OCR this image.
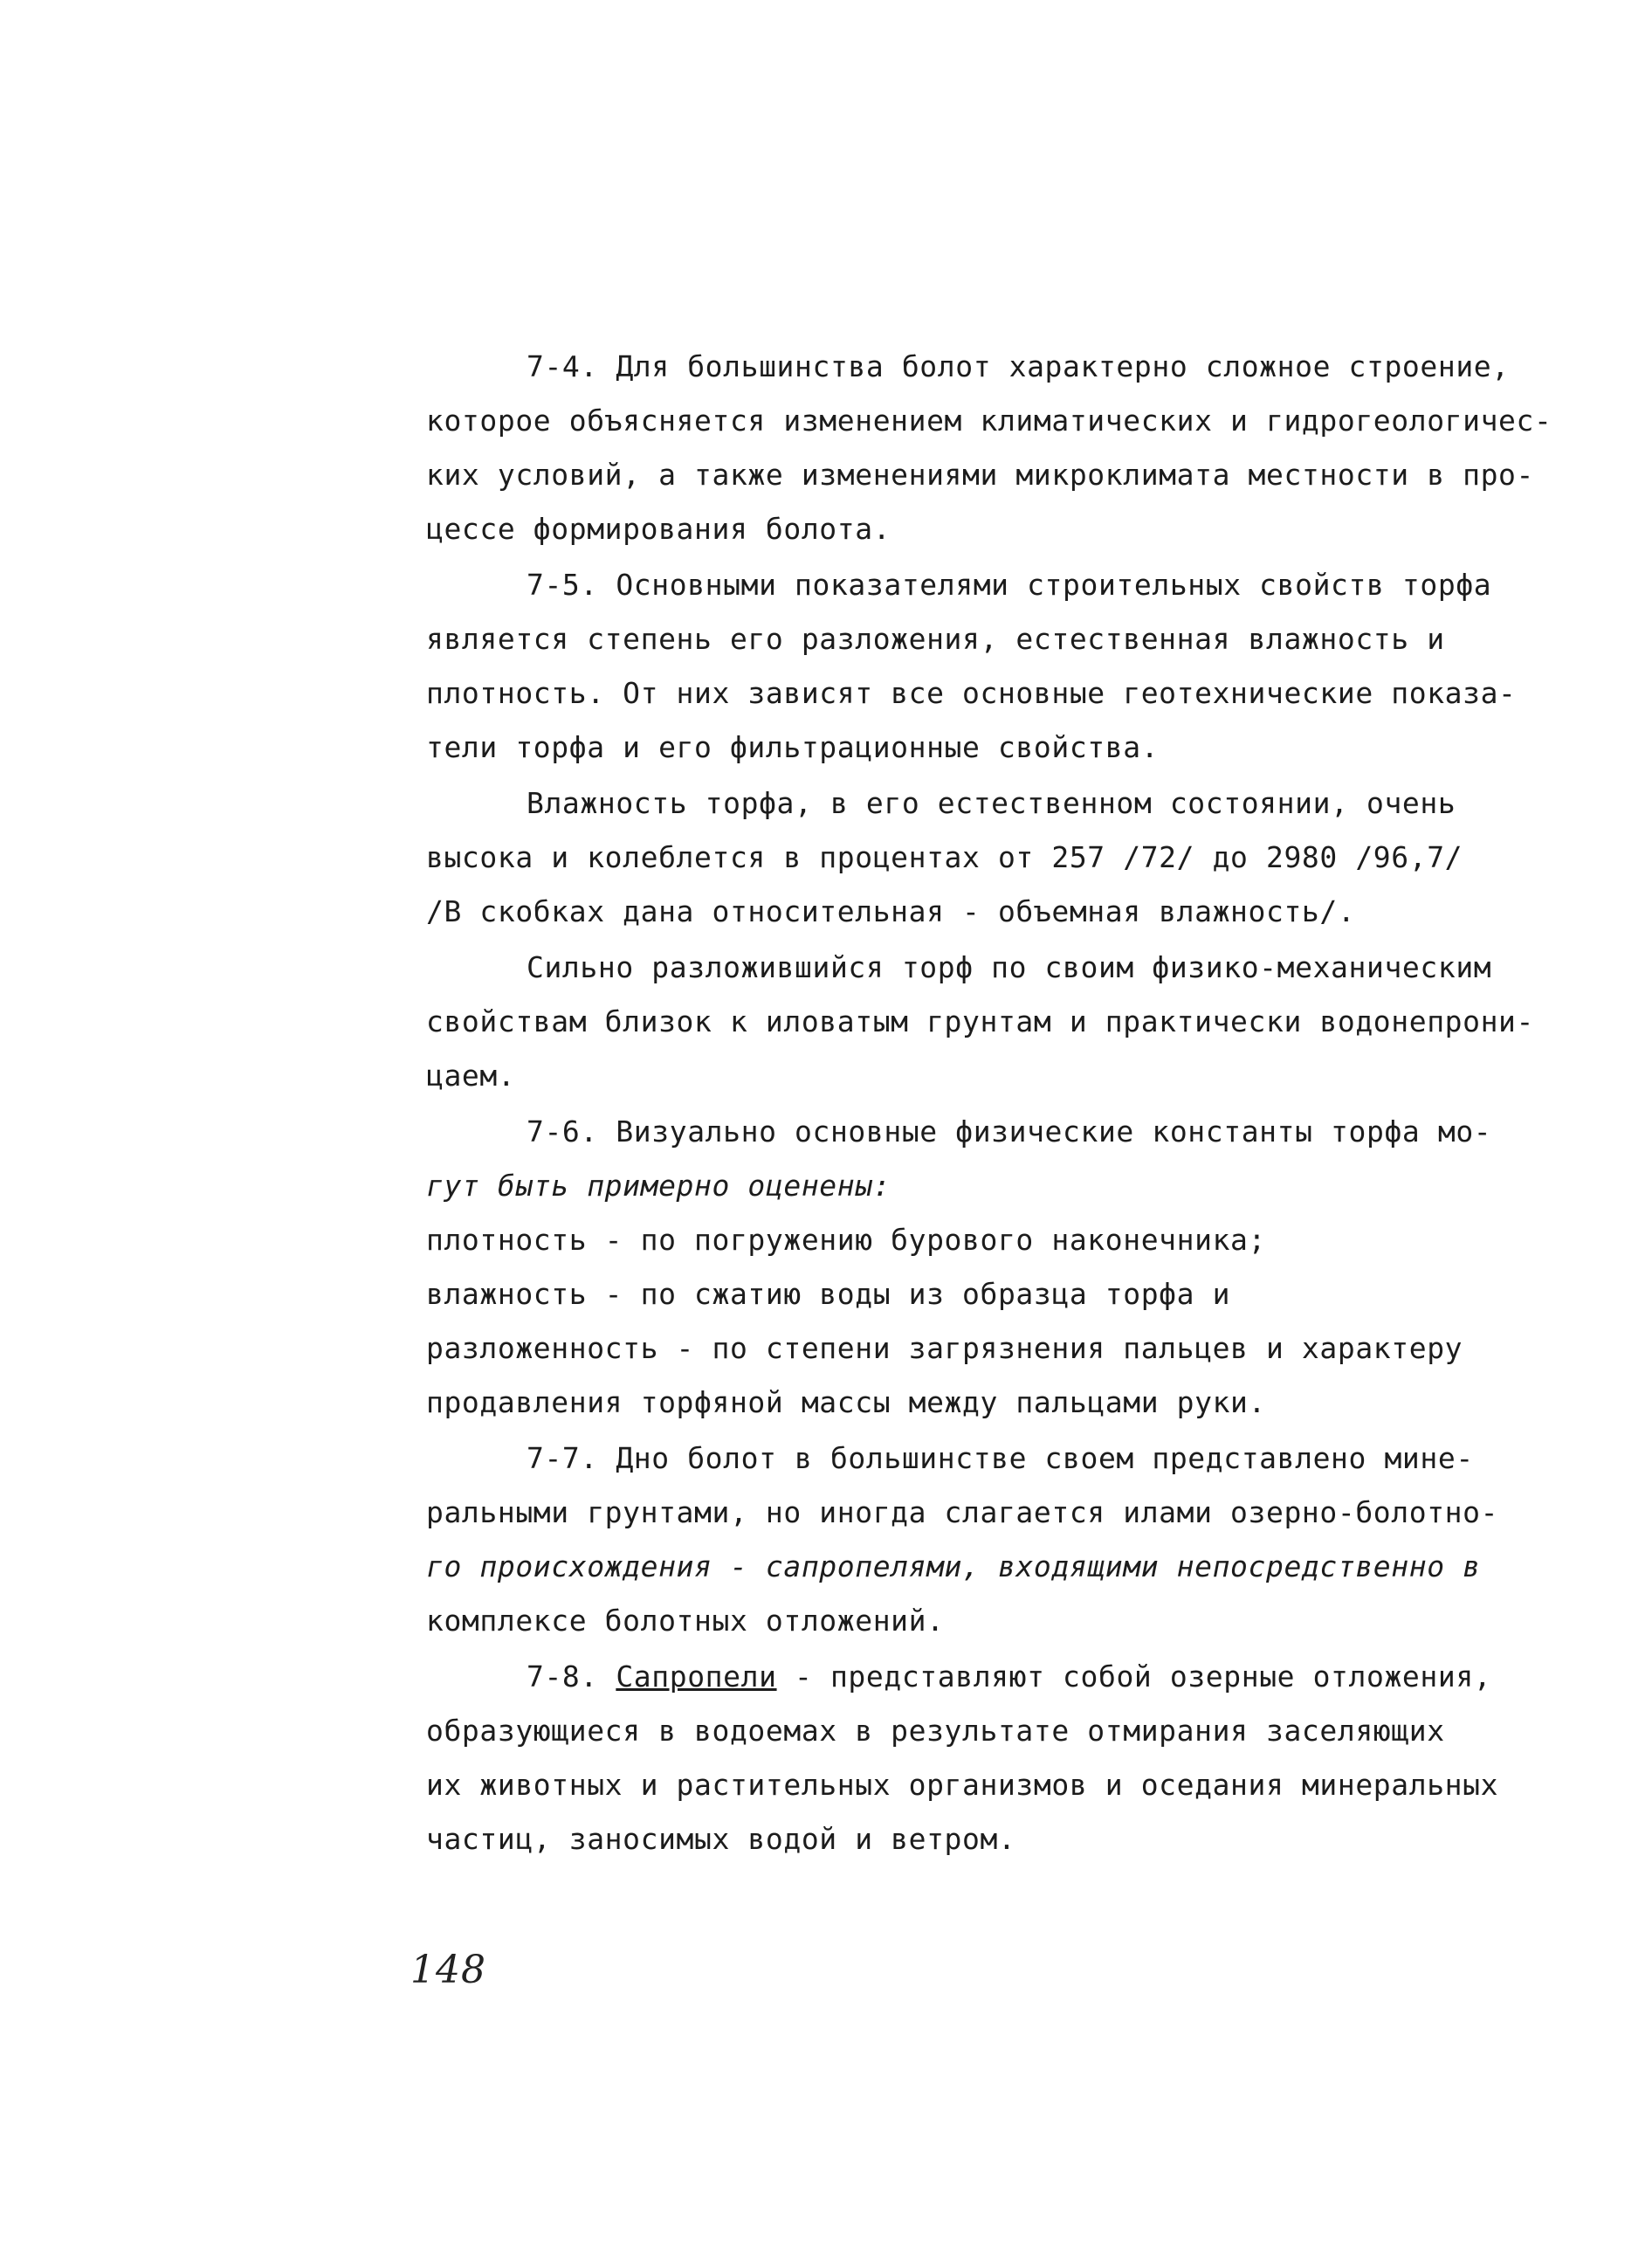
7-4. Для большинства болот характерно сложное строение,
которое объясняется изменением климатических и гидрогеологичес-
ких условий, а также изменениями микроклимата местности в про-
цессе формирования болота.
7-5. Основными показателями строительных свойств торфа
является степень его разложения, естественная влажность и
плотность. От них зависят все основные геотехнические показа-
тели торфа и его фильтрационные свойства.
Влажность торфа, в его естественном состоянии, очень
высока и колеблется в процентах от 257 /72/ до 2980 /96,7/
/В скобках дана относительная - объемная влажность/.
Сильно разложившийся торф по своим физико-механическим
свойствам близок к иловатым грунтам и практически водонепрони-
цаем.
7-6. Визуально основные физические константы торфа мо-
гут быть примерно оценены:
плотность - по погружению бурового наконечника;
влажность - по сжатию воды из образца торфа и
разложенность - по степени загрязнения пальцев и характеру
продавления торфяной массы между пальцами руки.
7-7. Дно болот в большинстве своем представлено мине-
ральными грунтами, но иногда слагается илами озерно-болотно-
го происхождения - сапропелями, входящими непосредственно в
комплексе болотных отложений.
7-8. Сапропели - представляют собой озерные отложения,
образующиеся в водоемах в результате отмирания заселяющих
их животных и растительных организмов и оседания минеральных
частиц, заносимых водой и ветром.
148
